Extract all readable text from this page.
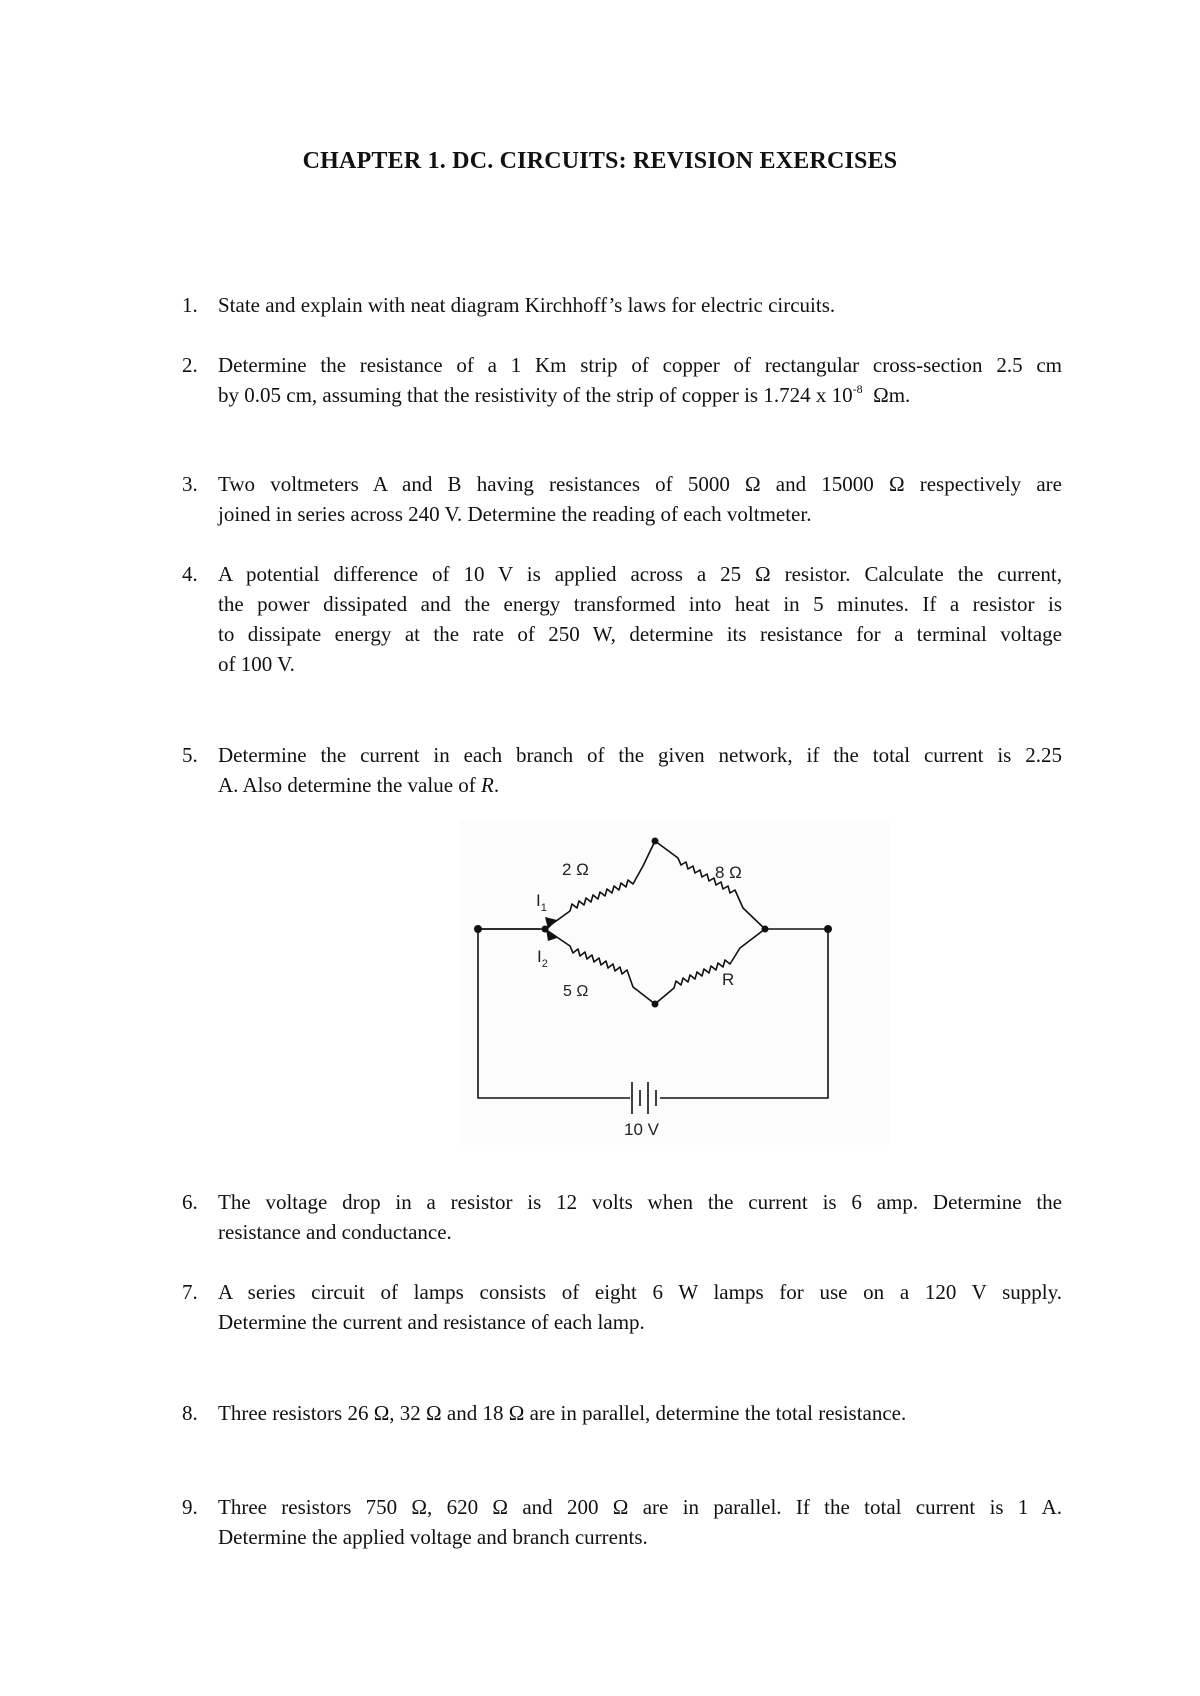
CHAPTER 1. DC. CIRCUITS: REVISION EXERCISES
1. State and explain with neat diagram Kirchhoff’s laws for electric circuits.
2. Determine the resistance of a 1 Km strip of copper of rectangular cross-section 2.5 cm
by 0.05 cm, assuming that the resistivity of the strip of copper is 1.724 x $10^{-8}$  Ωm.
3. Two voltmeters A and B having resistances of 5000 Ω and 15000 Ω respectively are
joined in series across 240 V. Determine the reading of each voltmeter.
4. A potential difference of 10 V is applied across a 25 Ω resistor. Calculate the current,
the power dissipated and the energy transformed into heat in 5 minutes. If a resistor is
to dissipate energy at the rate of 250 W, determine its resistance for a terminal voltage
of 100 V.
5. Determine the current in each branch of the given network, if the total current is 2.25
A. Also determine the value of R.
2 Ω	8 Ω
5 Ω
R
$I_1$
$I_2$
10 V
6. The voltage drop in a resistor is 12 volts when the current is 6 amp. Determine the
resistance and conductance.
7. A series circuit of lamps consists of eight 6 W lamps for use on a 120 V supply.
Determine the current and resistance of each lamp.
8. Three resistors 26 Ω, 32 Ω and 18 Ω are in parallel, determine the total resistance.
9. Three resistors 750 Ω, 620 Ω and 200 Ω are in parallel. If the total current is 1 A.
Determine the applied voltage and branch currents.
